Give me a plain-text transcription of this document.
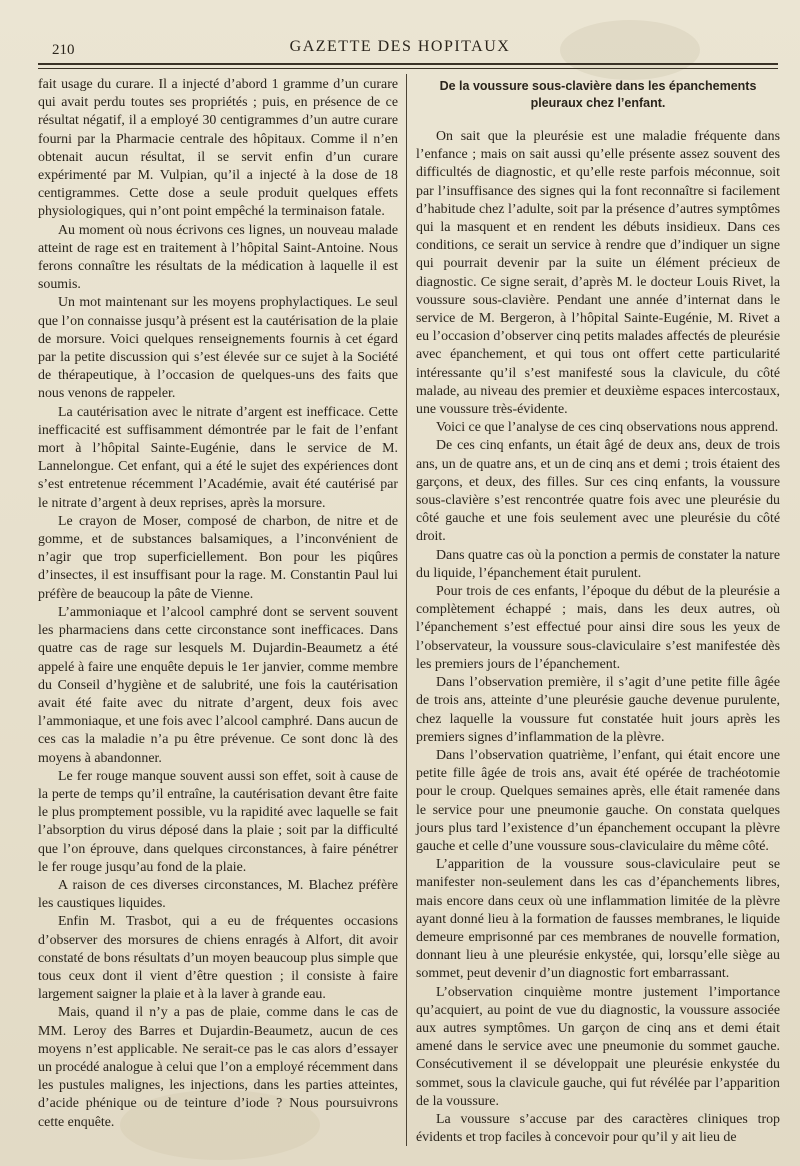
210	GAZETTE DES HOPITAUX

fait usage du curare. Il a injecté d’abord 1 gramme d’un curare qui avait perdu toutes ses propriétés ; puis, en présence de ce résultat négatif, il a employé 30 centigrammes d’un autre curare fourni par la Pharmacie centrale des hôpitaux. Comme il n’en obtenait aucun résultat, il se servit enfin d’un curare expérimenté par M. Vulpian, qu’il a injecté à la dose de 18 centigrammes. Cette dose a seule produit quelques effets physiologiques, qui n’ont point empêché la terminaison fatale.

Au moment où nous écrivons ces lignes, un nouveau malade atteint de rage est en traitement à l’hôpital Saint-Antoine. Nous ferons connaître les résultats de la médication à laquelle il est soumis.

Un mot maintenant sur les moyens prophylactiques. Le seul que l’on connaisse jusqu’à présent est la cautérisation de la plaie de morsure. Voici quelques renseignements fournis à cet égard par la petite discussion qui s’est élevée sur ce sujet à la Société de thérapeutique, à l’occasion de quelques-uns des faits que nous venons de rappeler.

La cautérisation avec le nitrate d’argent est inefficace. Cette inefficacité est suffisamment démontrée par le fait de l’enfant mort à l’hôpital Sainte-Eugénie, dans le service de M. Lannelongue. Cet enfant, qui a été le sujet des expériences dont s’est entretenue récemment l’Académie, avait été cautérisé par le nitrate d’argent à deux reprises, après la morsure.

Le crayon de Moser, composé de charbon, de nitre et de gomme, et de substances balsamiques, a l’inconvénient de n’agir que trop superficiellement. Bon pour les piqûres d’insectes, il est insuffisant pour la rage. M. Constantin Paul lui préfère de beaucoup la pâte de Vienne.

L’ammoniaque et l’alcool camphré dont se servent souvent les pharmaciens dans cette circonstance sont inefficaces. Dans quatre cas de rage sur lesquels M. Dujardin-Beaumetz a été appelé à faire une enquête depuis le 1er janvier, comme membre du Conseil d’hygiène et de salubrité, une fois la cautérisation avait été faite avec du nitrate d’argent, deux fois avec l’ammoniaque, et une fois avec l’alcool camphré. Dans aucun de ces cas la maladie n’a pu être prévenue. Ce sont donc là des moyens à abandonner.

Le fer rouge manque souvent aussi son effet, soit à cause de la perte de temps qu’il entraîne, la cautérisation devant être faite le plus promptement possible, vu la rapidité avec laquelle se fait l’absorption du virus déposé dans la plaie ; soit par la difficulté que l’on éprouve, dans quelques circonstances, à faire pénétrer le fer rouge jusqu’au fond de la plaie.

A raison de ces diverses circonstances, M. Blachez préfère les caustiques liquides.

Enfin M. Trasbot, qui a eu de fréquentes occasions d’observer des morsures de chiens enragés à Alfort, dit avoir constaté de bons résultats d’un moyen beaucoup plus simple que tous ceux dont il vient d’être question ; il consiste à faire largement saigner la plaie et à la laver à grande eau.

Mais, quand il n’y a pas de plaie, comme dans le cas de MM. Leroy des Barres et Dujardin-Beaumetz, aucun de ces moyens n’est applicable. Ne serait-ce pas le cas alors d’essayer un procédé analogue à celui que l’on a employé récemment dans les pustules malignes, les injections, dans les parties atteintes, d’acide phénique ou de teinture d’iode ? Nous poursuivrons cette enquête.

De la voussure sous-clavière dans les épanchements pleuraux chez l’enfant.

On sait que la pleurésie est une maladie fréquente dans l’enfance ; mais on sait aussi qu’elle présente assez souvent des difficultés de diagnostic, et qu’elle reste parfois méconnue, soit par l’insuffisance des signes qui la font reconnaître si facilement d’habitude chez l’adulte, soit par la présence d’autres symptômes qui la masquent et en rendent les débuts insidieux. Dans ces conditions, ce serait un service à rendre que d’indiquer un signe qui pourrait devenir par la suite un élément précieux de diagnostic. Ce signe serait, d’après M. le docteur Louis Rivet, la voussure sous-clavière. Pendant une année d’internat dans le service de M. Bergeron, à l’hôpital Sainte-Eugénie, M. Rivet a eu l’occasion d’observer cinq petits malades affectés de pleurésie avec épanchement, et qui tous ont offert cette particularité intéressante qu’il s’est manifesté sous la clavicule, du côté malade, au niveau des premier et deuxième espaces intercostaux, une voussure très-évidente.

Voici ce que l’analyse de ces cinq observations nous apprend.

De ces cinq enfants, un était âgé de deux ans, deux de trois ans, un de quatre ans, et un de cinq ans et demi ; trois étaient des garçons, et deux, des filles. Sur ces cinq enfants, la voussure sous-clavière s’est rencontrée quatre fois avec une pleurésie du côté gauche et une fois seulement avec une pleurésie du côté droit.

Dans quatre cas où la ponction a permis de constater la nature du liquide, l’épanchement était purulent.

Pour trois de ces enfants, l’époque du début de la pleurésie a complètement échappé ; mais, dans les deux autres, où l’épanchement s’est effectué pour ainsi dire sous les yeux de l’observateur, la voussure sous-claviculaire s’est manifestée dès les premiers jours de l’épanchement.

Dans l’observation première, il s’agit d’une petite fille âgée de trois ans, atteinte d’une pleurésie gauche devenue purulente, chez laquelle la voussure fut constatée huit jours après les premiers signes d’inflammation de la plèvre.

Dans l’observation quatrième, l’enfant, qui était encore une petite fille âgée de trois ans, avait été opérée de trachéotomie pour le croup. Quelques semaines après, elle était ramenée dans le service pour une pneumonie gauche. On constata quelques jours plus tard l’existence d’un épanchement occupant la plèvre gauche et celle d’une voussure sous-claviculaire du même côté.

L’apparition de la voussure sous-claviculaire peut se manifester non-seulement dans les cas d’épanchements libres, mais encore dans ceux où une inflammation limitée de la plèvre ayant donné lieu à la formation de fausses membranes, le liquide demeure emprisonné par ces membranes de nouvelle formation, donnant lieu à une pleurésie enkystée, qui, lorsqu’elle siège au sommet, peut devenir d’un diagnostic fort embarrassant.

L’observation cinquième montre justement l’importance qu’acquiert, au point de vue du diagnostic, la voussure associée aux autres symptômes. Un garçon de cinq ans et demi était amené dans le service avec une pneumonie du sommet gauche. Consécutivement il se développait une pleurésie enkystée du sommet, sous la clavicule gauche, qui fut révélée par l’apparition de la voussure.

La voussure s’accuse par des caractères cliniques trop évidents et trop faciles à concevoir pour qu’il y ait lieu de
